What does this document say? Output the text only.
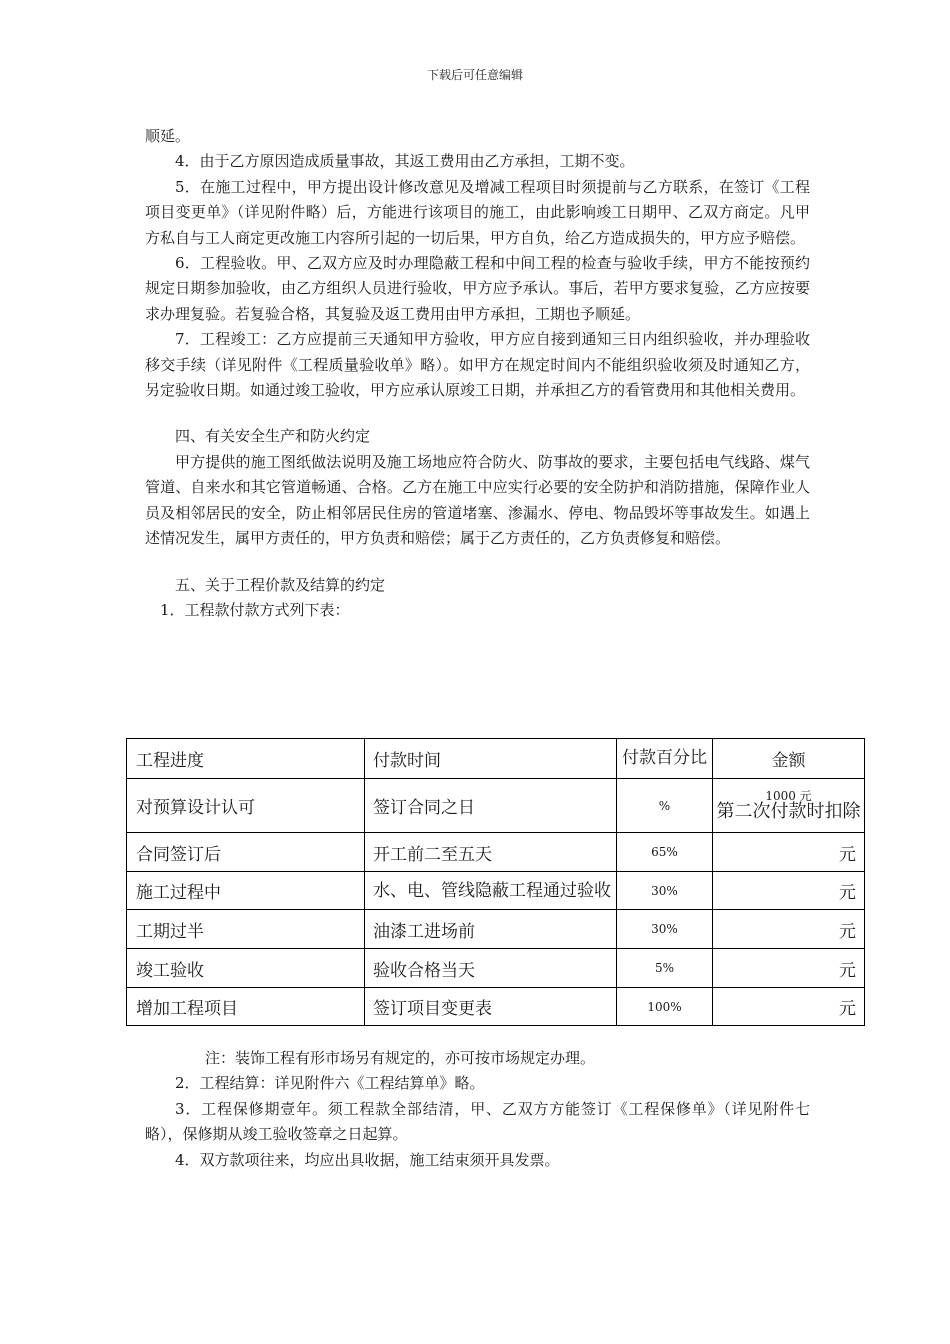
下载后可任意编辑

顺延。

4．由于乙方原因造成质量事故，其返工费用由乙方承担，工期不变。

5．在施工过程中，甲方提出设计修改意见及增减工程项目时须提前与乙方联系，在签订《工程项目变更单》（详见附件略）后，方能进行该项目的施工，由此影响竣工日期甲、乙双方商定。凡甲方私自与工人商定更改施工内容所引起的一切后果，甲方自负，给乙方造成损失的，甲方应予赔偿。

6．工程验收。甲、乙双方应及时办理隐蔽工程和中间工程的检查与验收手续，甲方不能按预约规定日期参加验收，由乙方组织人员进行验收，甲方应予承认。事后，若甲方要求复验，乙方应按要求办理复验。若复验合格，其复验及返工费用由甲方承担，工期也予顺延。

7．工程竣工：乙方应提前三天通知甲方验收，甲方应自接到通知三日内组织验收，并办理验收移交手续（详见附件《工程质量验收单》略）。如甲方在规定时间内不能组织验收须及时通知乙方，另定验收日期。如通过竣工验收，甲方应承认原竣工日期，并承担乙方的看管费用和其他相关费用。

四、有关安全生产和防火约定

甲方提供的施工图纸做法说明及施工场地应符合防火、防事故的要求，主要包括电气线路、煤气管道、自来水和其它管道畅通、合格。乙方在施工中应实行必要的安全防护和消防措施，保障作业人员及相邻居民的安全，防止相邻居民住房的管道堵塞、渗漏水、停电、物品毁坏等事故发生。如遇上述情况发生，属甲方责任的，甲方负责和赔偿；属于乙方责任的，乙方负责修复和赔偿。

五、关于工程价款及结算的约定

1．工程款付款方式列下表：

工程进度	付款时间	付款百分比	金额
对预算设计认可	签订合同之日	%	1000 元
第二次付款时扣除

合同签订后	开工前二至五天	65%	元
施工过程中	水、电、管线隐蔽工程通过验收	30%	元
工期过半	油漆工进场前	30%	元
竣工验收	验收合格当天	5%	元
增加工程项目	签订项目变更表	100%	元

注：装饰工程有形市场另有规定的，亦可按市场规定办理。

2．工程结算：详见附件六《工程结算单》略。

3．工程保修期壹年。须工程款全部结清，甲、乙双方方能签订《工程保修单》（详见附件七略），保修期从竣工验收签章之日起算。

4．双方款项往来，均应出具收据，施工结束须开具发票。
